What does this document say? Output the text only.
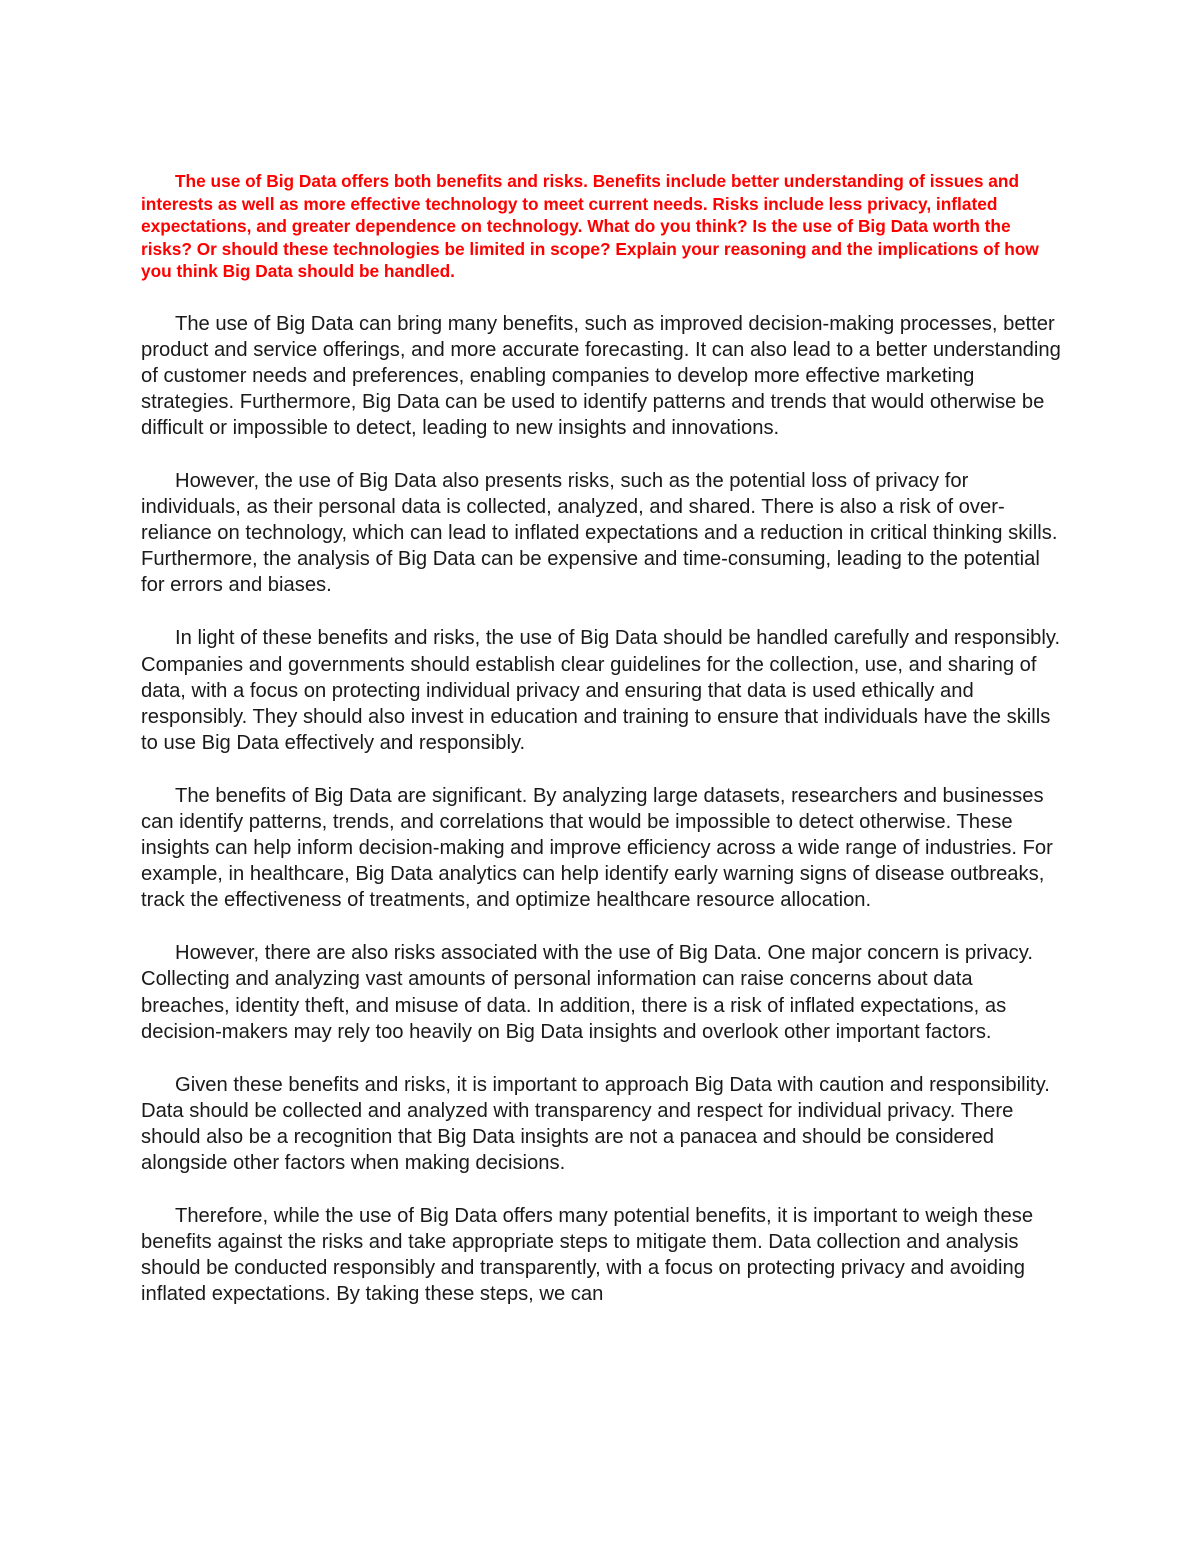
The use of Big Data offers both benefits and risks. Benefits include better understanding of issues and interests as well as more effective technology to meet current needs. Risks include less privacy, inflated expectations, and greater dependence on technology. What do you think? Is the use of Big Data worth the risks? Or should these technologies be limited in scope? Explain your reasoning and the implications of how you think Big Data should be handled.

The use of Big Data can bring many benefits, such as improved decision-making processes, better product and service offerings, and more accurate forecasting. It can also lead to a better understanding of customer needs and preferences, enabling companies to develop more effective marketing strategies. Furthermore, Big Data can be used to identify patterns and trends that would otherwise be difficult or impossible to detect, leading to new insights and innovations.

However, the use of Big Data also presents risks, such as the potential loss of privacy for individuals, as their personal data is collected, analyzed, and shared. There is also a risk of over-reliance on technology, which can lead to inflated expectations and a reduction in critical thinking skills. Furthermore, the analysis of Big Data can be expensive and time-consuming, leading to the potential for errors and biases.

In light of these benefits and risks, the use of Big Data should be handled carefully and responsibly. Companies and governments should establish clear guidelines for the collection, use, and sharing of data, with a focus on protecting individual privacy and ensuring that data is used ethically and responsibly. They should also invest in education and training to ensure that individuals have the skills to use Big Data effectively and responsibly.

The benefits of Big Data are significant. By analyzing large datasets, researchers and businesses can identify patterns, trends, and correlations that would be impossible to detect otherwise. These insights can help inform decision-making and improve efficiency across a wide range of industries. For example, in healthcare, Big Data analytics can help identify early warning signs of disease outbreaks, track the effectiveness of treatments, and optimize healthcare resource allocation.

However, there are also risks associated with the use of Big Data. One major concern is privacy. Collecting and analyzing vast amounts of personal information can raise concerns about data breaches, identity theft, and misuse of data. In addition, there is a risk of inflated expectations, as decision-makers may rely too heavily on Big Data insights and overlook other important factors.

Given these benefits and risks, it is important to approach Big Data with caution and responsibility. Data should be collected and analyzed with transparency and respect for individual privacy. There should also be a recognition that Big Data insights are not a panacea and should be considered alongside other factors when making decisions.

Therefore, while the use of Big Data offers many potential benefits, it is important to weigh these benefits against the risks and take appropriate steps to mitigate them. Data collection and analysis should be conducted responsibly and transparently, with a focus on protecting privacy and avoiding inflated expectations. By taking these steps, we can
